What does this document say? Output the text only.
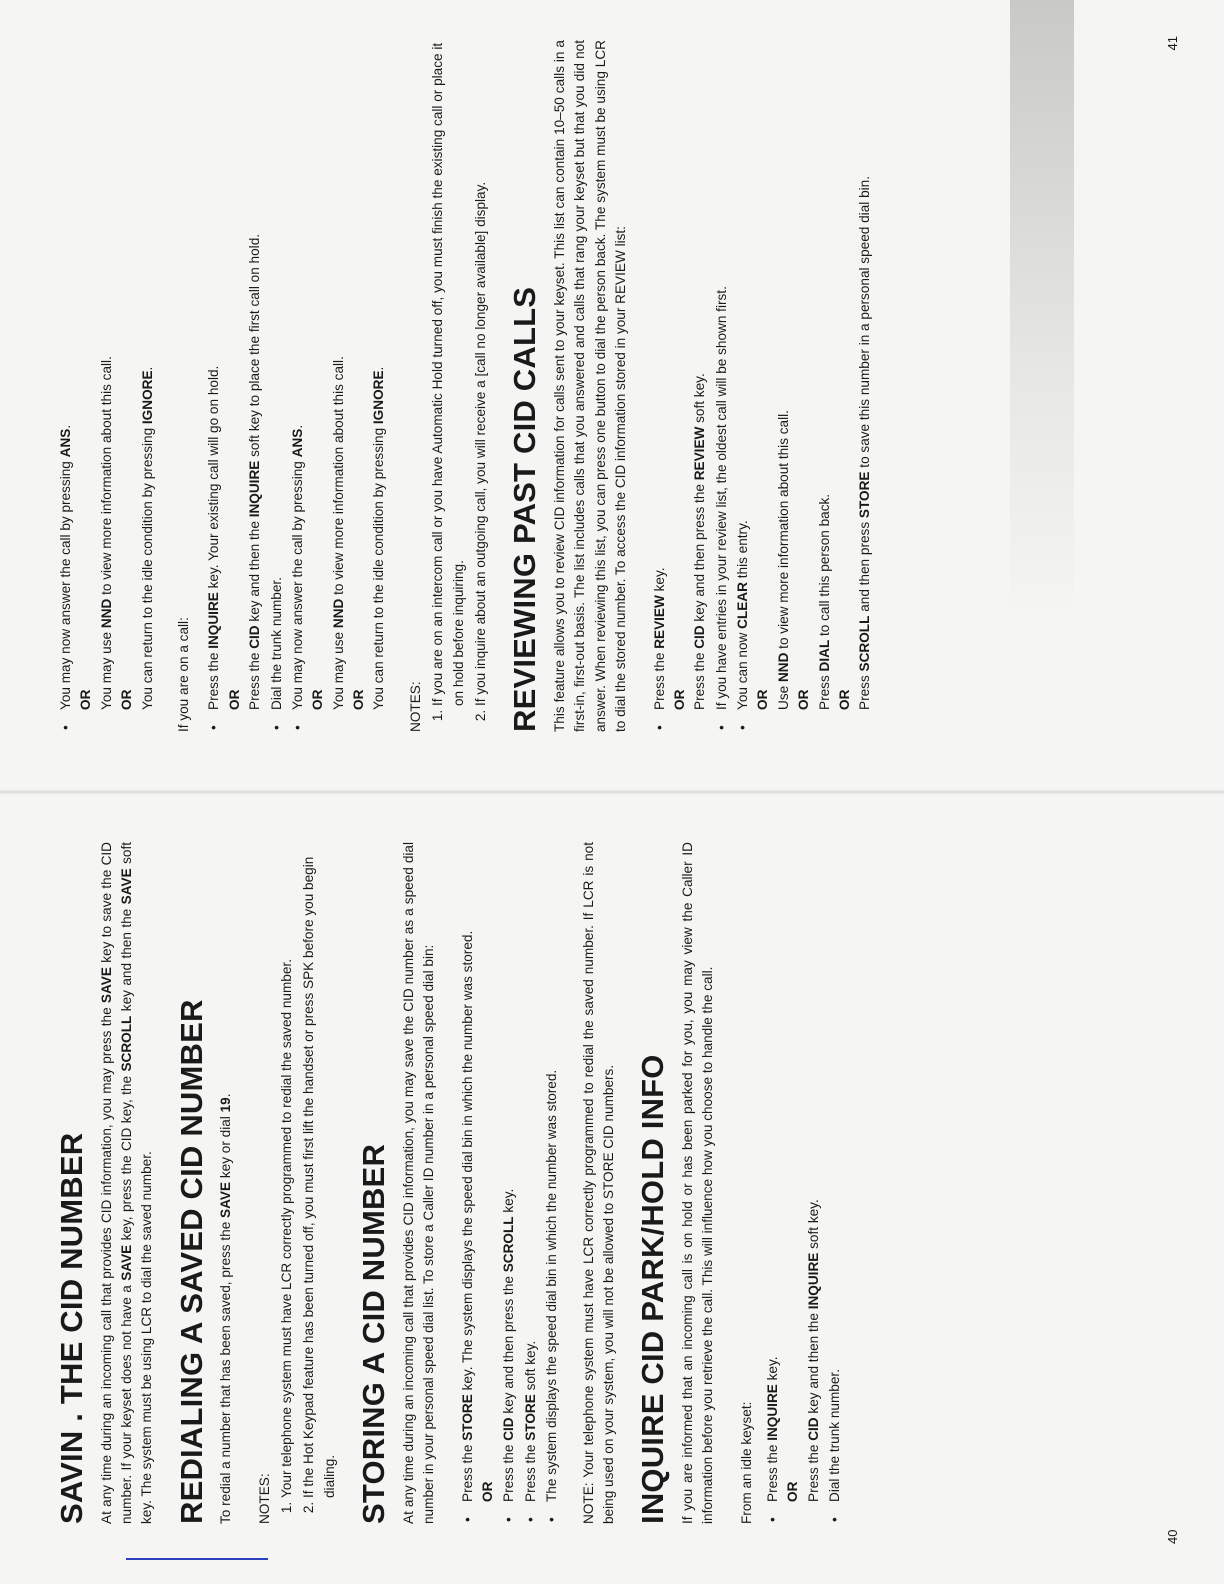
SAVIN . THE CID NUMBER At any time during an incoming call that provides CID information, you may press the SAVE key to save the CID number. If your keyset does not have a SAVE key, press the CID key, the SCROLL key and then the SAVE soft key. The system must be using LCR to dial the saved number. REDIALING A SAVED CID NUMBER To redial a number that has been saved, press the SAVE key or dial 19.

NOTES:

1. Your telephone system must have LCR correctly programmed to redial the saved number. 2. If the Hot Keypad feature has been turned off, you must first lift the handset or press SPK before you begin dialing. STORING A CID NUMBER At any time during an incoming call that provides CID information, you may save the CID number as a speed dial number in your personal speed dial list. To store a Caller ID number in a personal speed dial bin: •
Press the STORE key. The system displays the speed dial bin in which the number was stored.
OR
•
Press the CID key and then press the SCROLL key.
•
Press the STORE soft key.
•
The system displays the speed dial bin in which the number was stored. NOTE: Your telephone system must have LCR correctly programmed to redial the saved number. If LCR is not being used on your system, you will not be allowed to STORE CID numbers. INQUIRE CID PARK/HOLD INFO If you are informed that an incoming call is on hold or has been parked for you, you may view the Caller ID information before you retrieve the call. This will influence how you choose to handle the call. From an idle keyset: •
Press the INQUIRE key.
OR Press the CID key and then the INQUIRE soft key.
•
Dial the trunk number.
40
•
You may now answer the call by pressing ANS.
OR You may use NND to view more information about this call.
OR You can return to the idle condition by pressing IGNORE.

If you are on a call: •
Press the INQUIRE key. Your existing call will go on hold.
OR Press the CID key and then the INQUIRE soft key to place the first call on hold.
•
Dial the trunk number.
•
You may now answer the call by pressing ANS.
OR You may use NND to view more information about this call.
OR You can return to the idle condition by pressing IGNORE.

NOTES:

1. If you are on an intercom call or you have Automatic Hold turned off, you must finish the existing call or place it on hold before inquiring. 2. If you inquire about an outgoing call, you will receive a [call no longer available] display. REVIEWING PAST CID CALLS This feature allows you to review CID information for calls sent to your keyset. This list can contain 10–50 calls in a first-in, first-out basis. The list includes calls that you answered and calls that rang your keyset but that you did not answer. When reviewing this list, you can press one button to dial the person back. The system must be using LCR to dial the stored number. To access the CID information stored in your REVIEW list: •
Press the REVIEW key.
OR Press the CID key and then press the REVIEW soft key.
•
If you have entries in your review list, the oldest call will be shown first.
•
You can now CLEAR this entry.
OR Use NND to view more information about this call.
OR Press DIAL to call this person back.
OR Press SCROLL and then press STORE to save this number in a personal speed dial bin.
41
